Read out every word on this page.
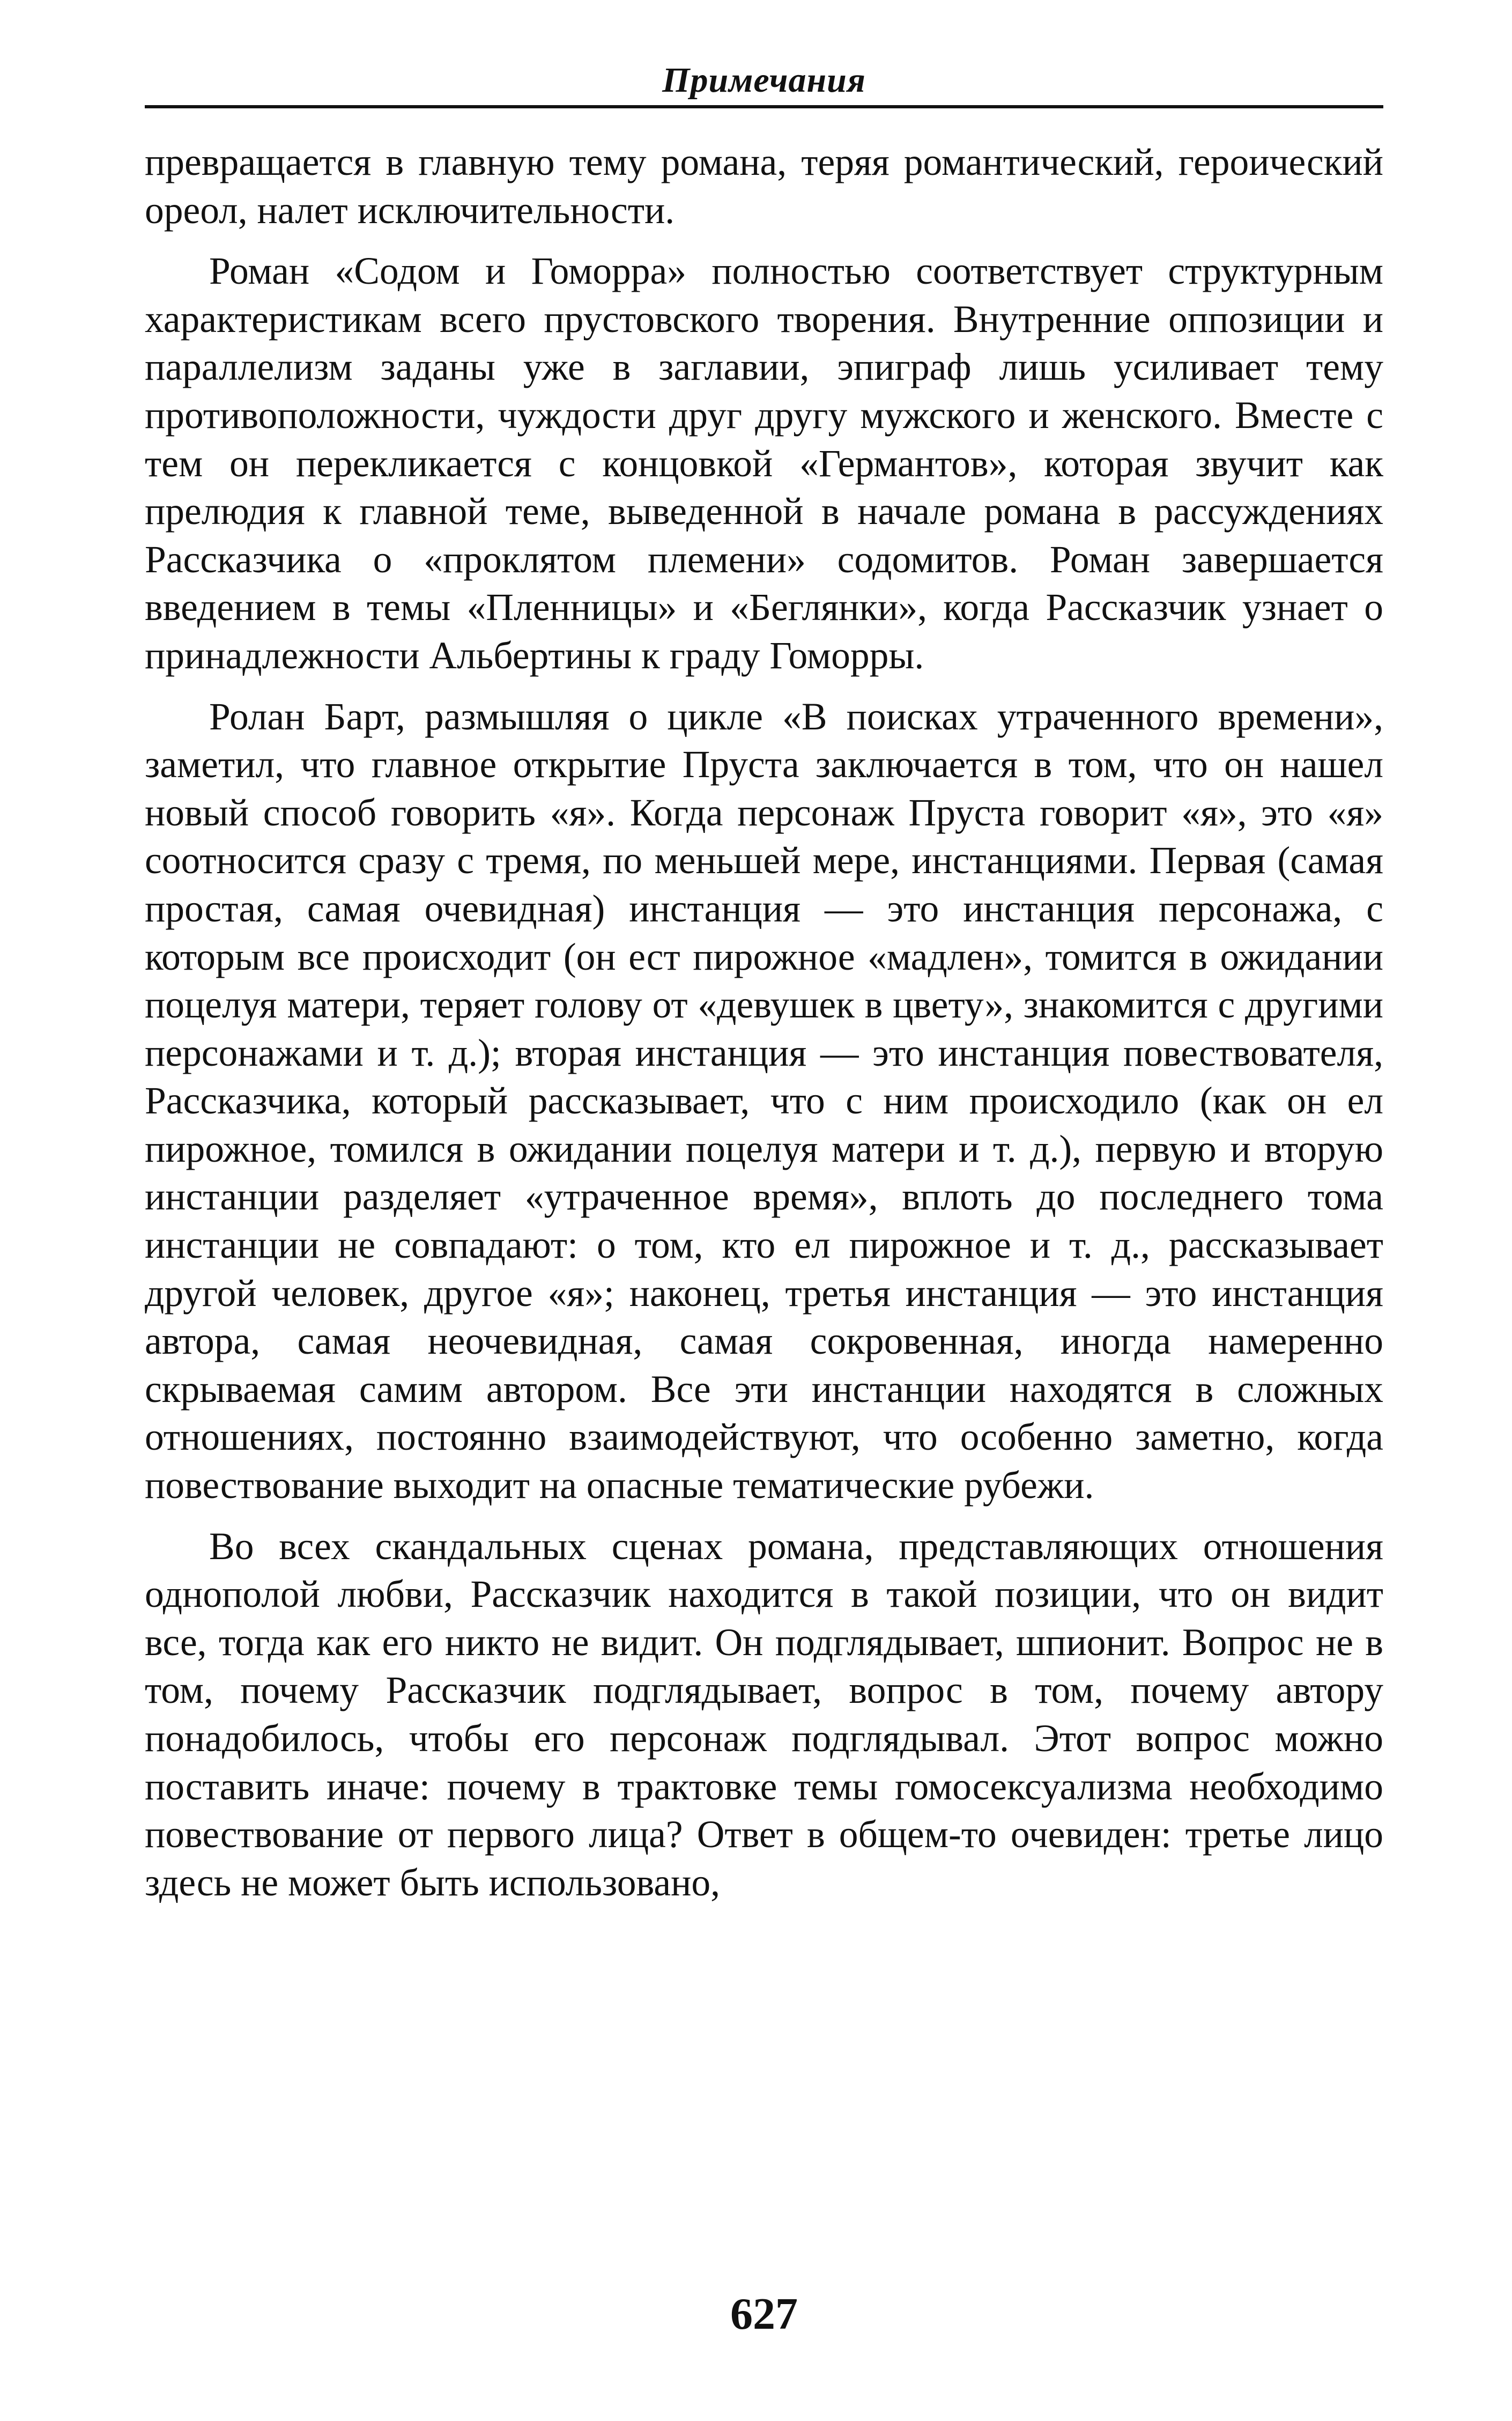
Примечания

превращается в главную тему романа, теряя романтический, героический ореол, налет исключительности.

Роман «Содом и Гоморра» полностью соответствует структурным характеристикам всего прустовского творения. Внутренние оппозиции и параллелизм заданы уже в заглавии, эпиграф лишь усиливает тему противоположности, чуждости друг другу мужского и женского. Вместе с тем он перекликается с концовкой «Германтов», которая звучит как прелюдия к главной теме, выведенной в начале романа в рассуждениях Рассказчика о «проклятом племени» содомитов. Роман завершается введением в темы «Пленницы» и «Беглянки», когда Рассказчик узнает о принадлежности Альбертины к граду Гоморры.

Ролан Барт, размышляя о цикле «В поисках утраченного времени», заметил, что главное открытие Пруста заключается в том, что он нашел новый способ говорить «я». Когда персонаж Пруста говорит «я», это «я» соотносится сразу с тремя, по меньшей мере, инстанциями. Первая (самая простая, самая очевидная) инстанция — это инстанция персонажа, с которым все происходит (он ест пирожное «мадлен», томится в ожидании поцелуя матери, теряет голову от «девушек в цвету», знакомится с другими персонажами и т. д.); вторая инстанция — это инстанция повествователя, Рассказчика, который рассказывает, что с ним происходило (как он ел пирожное, томился в ожидании поцелуя матери и т. д.), первую и вторую инстанции разделяет «утраченное время», вплоть до последнего тома инстанции не совпадают: о том, кто ел пирожное и т. д., рассказывает другой человек, другое «я»; наконец, третья инстанция — это инстанция автора, самая неочевидная, самая сокровенная, иногда намеренно скрываемая самим автором. Все эти инстанции находятся в сложных отношениях, постоянно взаимодействуют, что особенно заметно, когда повествование выходит на опасные тематические рубежи.

Во всех скандальных сценах романа, представляющих отношения однополой любви, Рассказчик находится в такой позиции, что он видит все, тогда как его никто не видит. Он подглядывает, шпионит. Вопрос не в том, почему Рассказчик подглядывает, вопрос в том, почему автору понадобилось, чтобы его персонаж подглядывал. Этот вопрос можно поставить иначе: почему в трактовке темы гомосексуализма необходимо повествование от первого лица? Ответ в общем-то очевиден: третье лицо здесь не может быть использовано,

627
